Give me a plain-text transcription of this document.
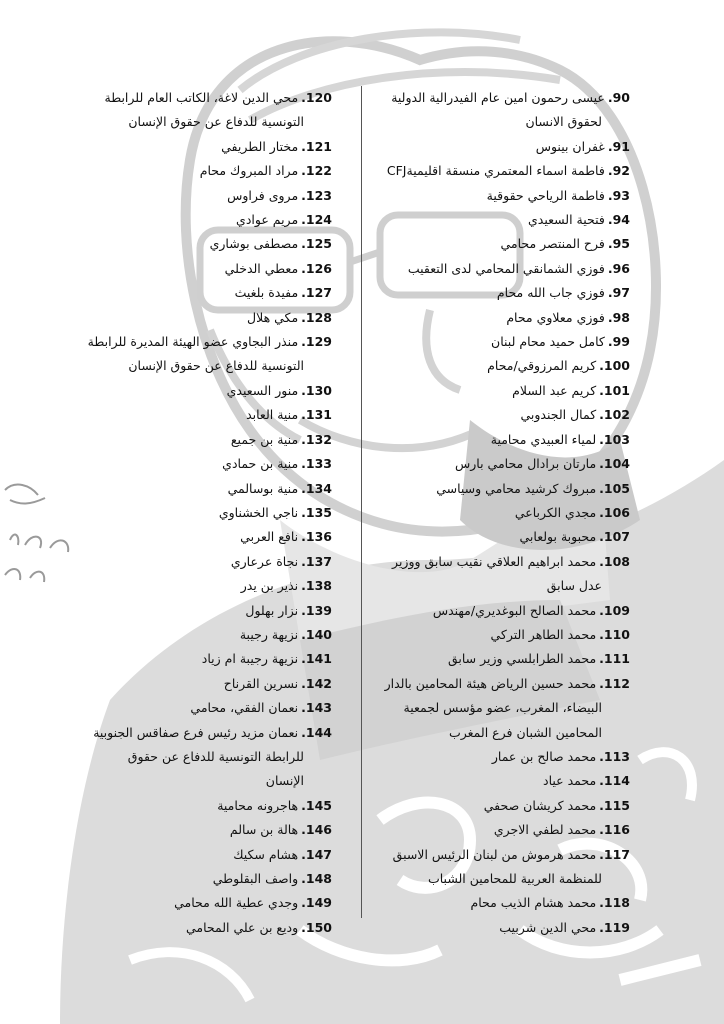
.90عيسى رحمون امين عام الفيدرالية الدولية
لحقوق الانسان
.91غفران بينوس
.92فاطمة اسماء المعتمري منسقة اقليميةCFJ
.93فاطمة الرياحي حقوقية
.94فتحية السعيدي
.95فرح المنتصر محامي
.96فوزي الشمانقي المحامي لدى التعقيب
.97فوزي جاب الله محام
.98فوزي معلاوي محام
.99كامل حميد محام لبنان
.100كريم المرزوقي/محام
.101كريم عبد السلام
.102كمال الجندوبي
.103لمياء العبيدي محامية
.104مارتان برادال محامي بارس
.105مبروك كرشيد محامي وسياسي
.106مجدي الكرباعي
.107محبوبة بولعابي
.108محمد ابراهيم العلاقي نقيب سابق ووزير
عدل سابق
.109محمد الصالح البوغديري/مهندس
.110محمد الطاهر التركي
.111محمد الطرابلسي وزير سابق
.112محمد حسين الرياض هيئة المحامين بالدار
البيضاء، المغرب، عضو مؤسس لجمعية
المحامين الشبان فرع المغرب
.113محمد صالح بن عمار
.114محمد عياد
.115محمد كريشان صحفي
.116محمد لطفي الاجري
.117محمد هرموش من لبنان الرئيس الاسبق
للمنظمة العربية للمحامين الشباب
.118محمد هشام الذيب محام
.119محي الدين شربيب
.120محي الدين لاغة، الكاتب العام للرابطة
التونسية للدفاع عن حقوق الإنسان
.121مختار الطريفي
.122مراد المبروك محام
.123مروى فراوس
.124مريم عوادي
.125مصطفى بوشاري
.126معطي الدخلي
.127مفيدة بلغيث
.128مكي هلال
.129منذر البجاوي عضو الهيئة المديرة للرابطة
التونسية للدفاع عن حقوق الإنسان
.130منور السعيدي
.131منية العابد
.132منية بن جميع
.133منية بن حمادي
.134منية بوسالمي
.135ناجي الخشناوي
.136نافع العربي
.137نجاة عرعاري
.138نذير بن يدر
.139نزار بهلول
.140نزيهة رجيبة
.141نزيهة رجيبة ام زياد
.142نسرين القرناح
.143نعمان الفقي، محامي
.144نعمان مزيد رئيس فرع صفاقس الجنوبية
للرابطة التونسية للدفاع عن حقوق
الإنسان
.145هاجرونه محامية
.146هالة بن سالم
.147هشام سكيك
.148واصف البقلوطي
.149وجدي عطية الله محامي
.150وديع بن علي المحامي
